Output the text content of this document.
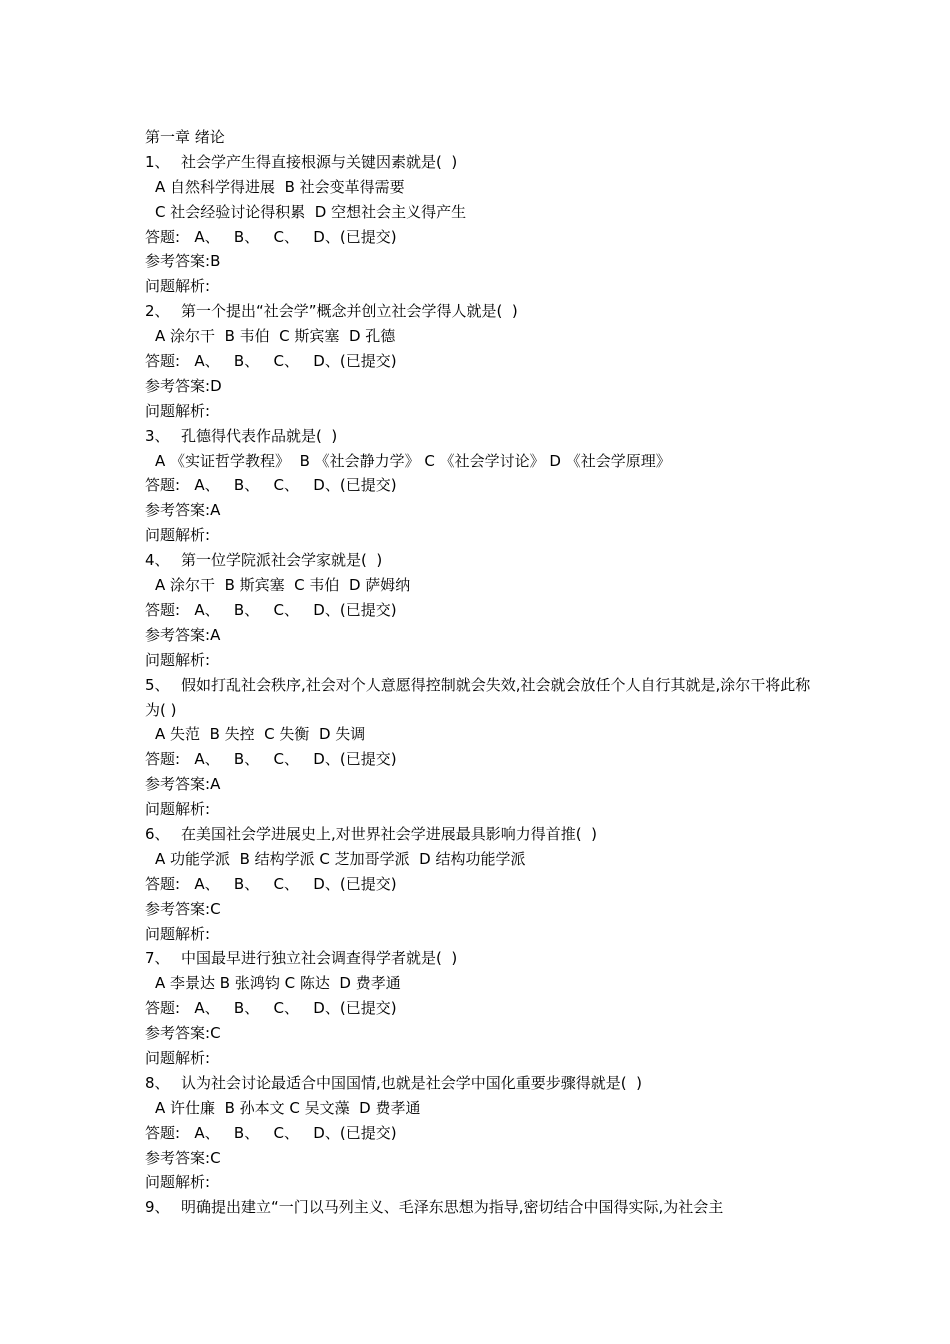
第一章 绪论
1、 社会学产生得直接根源与关键因素就是(  )
A 自然科学得进展  B 社会变革得需要
C 社会经验讨论得积累  D 空想社会主义得产生
答题:   A、   B、   C、   D、(已提交)
参考答案:B
问题解析:
2、 第一个提出“社会学”概念并创立社会学得人就是(  )
A 涂尔干  B 韦伯  C 斯宾塞  D 孔德
答题:   A、   B、   C、   D、(已提交)
参考答案:D
问题解析:
3、 孔德得代表作品就是(  )
A 《实证哲学教程》  B 《社会静力学》 C 《社会学讨论》 D 《社会学原理》
答题:   A、   B、   C、   D、(已提交)
参考答案:A
问题解析:
4、 第一位学院派社会学家就是(  )
A 涂尔干  B 斯宾塞  C 韦伯  D 萨姆纳
答题:   A、   B、   C、   D、(已提交)
参考答案:A
问题解析:
5、 假如打乱社会秩序,社会对个人意愿得控制就会失效,社会就会放任个人自行其就是,涂尔干将此称为( )
A 失范  B 失控  C 失衡  D 失调
答题:   A、   B、   C、   D、(已提交)
参考答案:A
问题解析:
6、 在美国社会学进展史上,对世界社会学进展最具影响力得首推(  )
A 功能学派  B 结构学派 C 芝加哥学派  D 结构功能学派
答题:   A、   B、   C、   D、(已提交)
参考答案:C
问题解析:
7、 中国最早进行独立社会调查得学者就是(  )
A 李景达 B 张鸿钧 C 陈达  D 费孝通
答题:   A、   B、   C、   D、(已提交)
参考答案:C
问题解析:
8、 认为社会讨论最适合中国国情,也就是社会学中国化重要步骤得就是(  )
A 许仕廉  B 孙本文 C 吴文藻  D 费孝通
答题:   A、   B、   C、   D、(已提交)
参考答案:C
问题解析:
9、 明确提出建立“一门以马列主义、毛泽东思想为指导,密切结合中国得实际,为社会主
